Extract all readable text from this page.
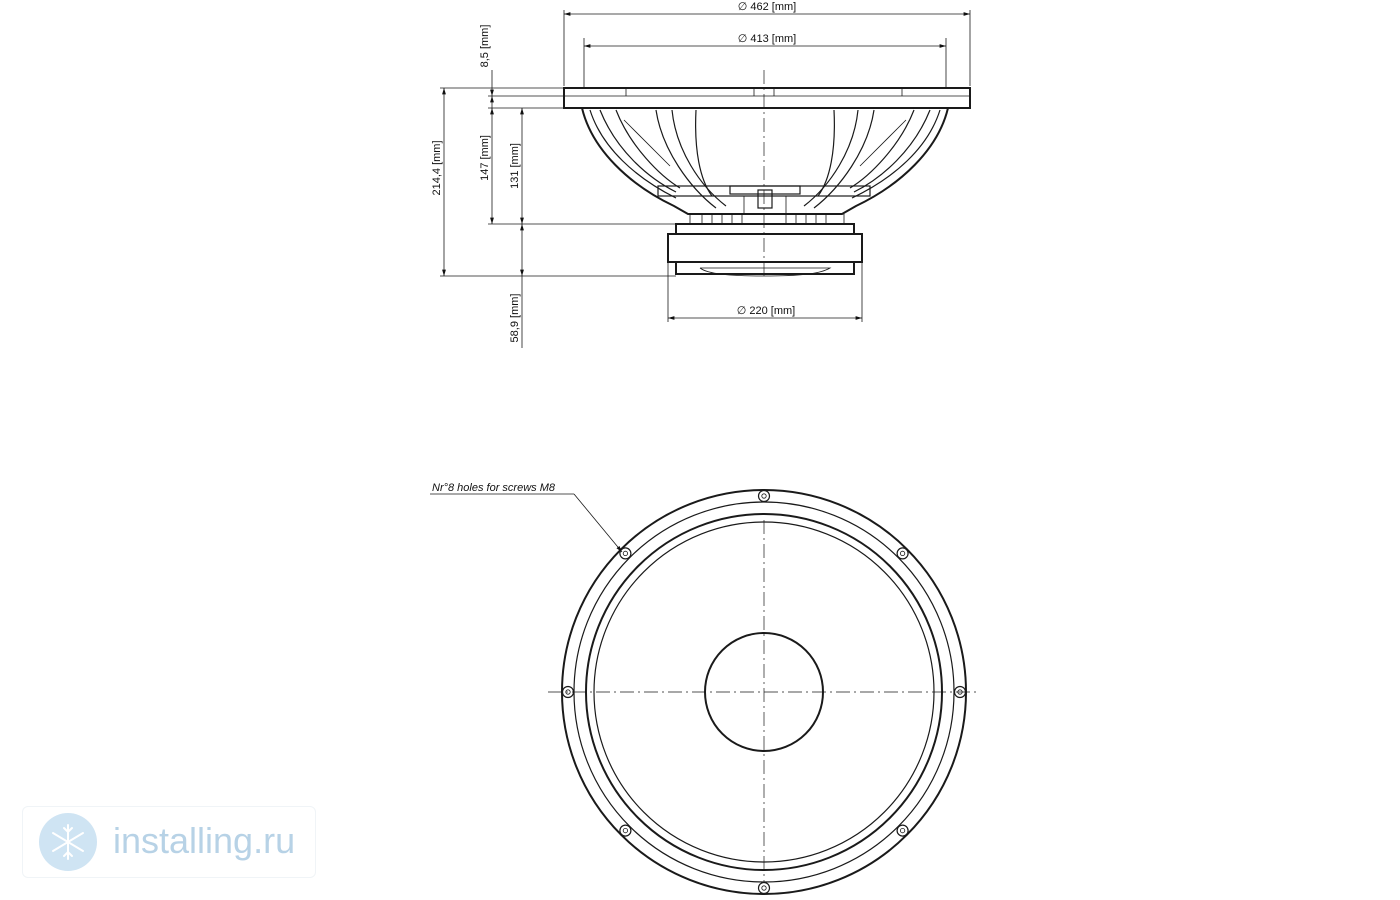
∅ 462 [mm]
∅ 413 [mm]
∅ 220 [mm]
8,5 [mm]
214,4 [mm]	147 [mm] 131 [mm]
58,9 [mm]
Nr°8 holes for screws M8
installing.ru
